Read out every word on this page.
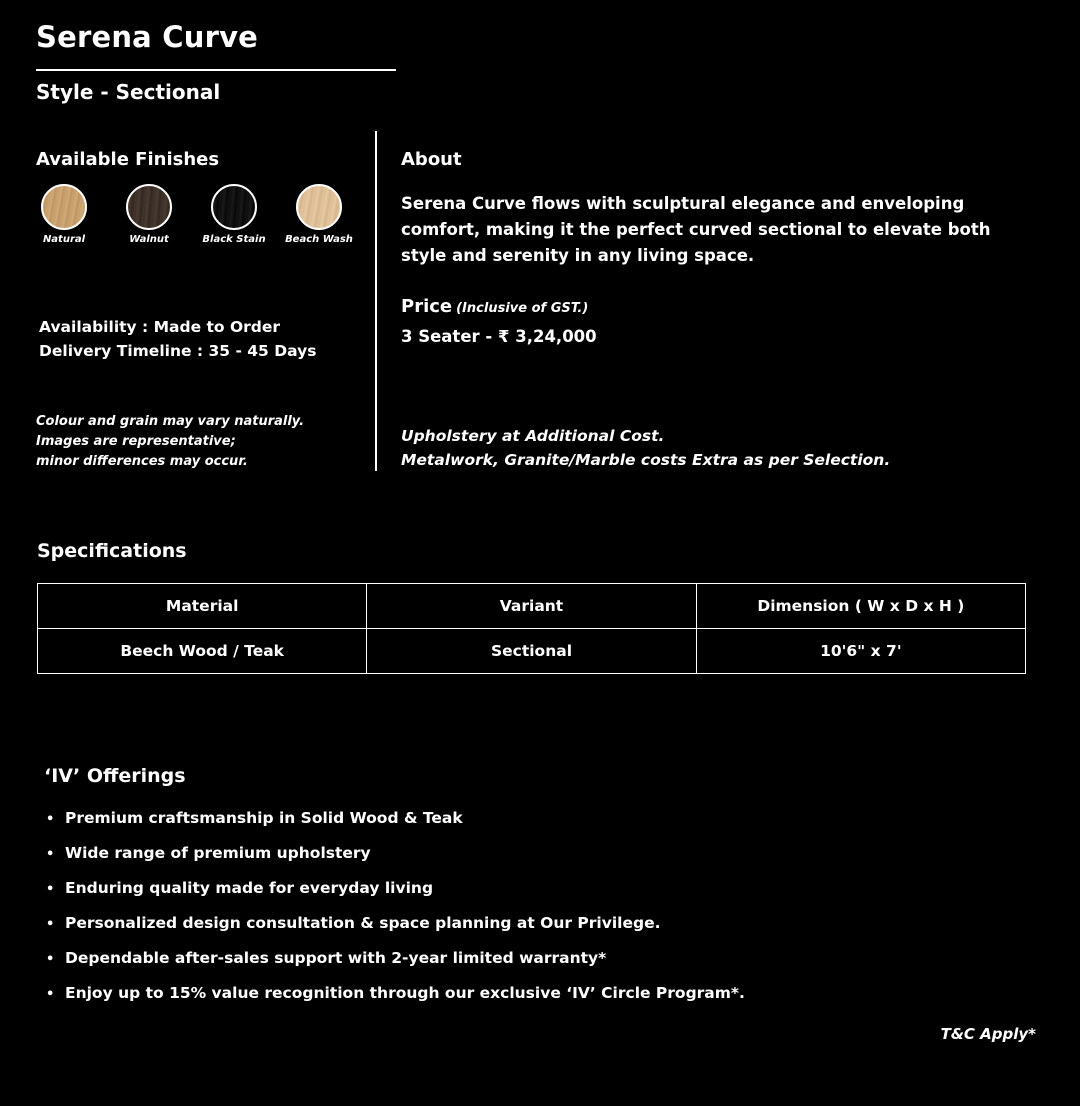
Serena Curve
Style - Sectional
Available Finishes
Natural	Walnut	Black Stain	Beach Wash
Availability : Made to Order
Delivery Timeline : 35 - 45 Days
Colour and grain may vary naturally.
Images are representative;
minor differences may occur.
About
Serena Curve flows with sculptural elegance and enveloping comfort, making it the perfect curved sectional to elevate both style and serenity in any living space.
Price (Inclusive of GST.)
3 Seater - ₹ 3,24,000
Upholstery at Additional Cost.
Metalwork, Granite/Marble costs Extra as per Selection.
Specifications
Material	Variant	Dimension ( W x D x H )
Beech Wood / Teak	Sectional	10'6" x 7'
‘IV’ Offerings
• Premium craftsmanship in Solid Wood & Teak
• Wide range of premium upholstery
• Enduring quality made for everyday living
• Personalized design consultation & space planning at Our Privilege.
• Dependable after-sales support with 2-year limited warranty*
• Enjoy up to 15% value recognition through our exclusive ‘IV’ Circle Program*.
T&C Apply*
